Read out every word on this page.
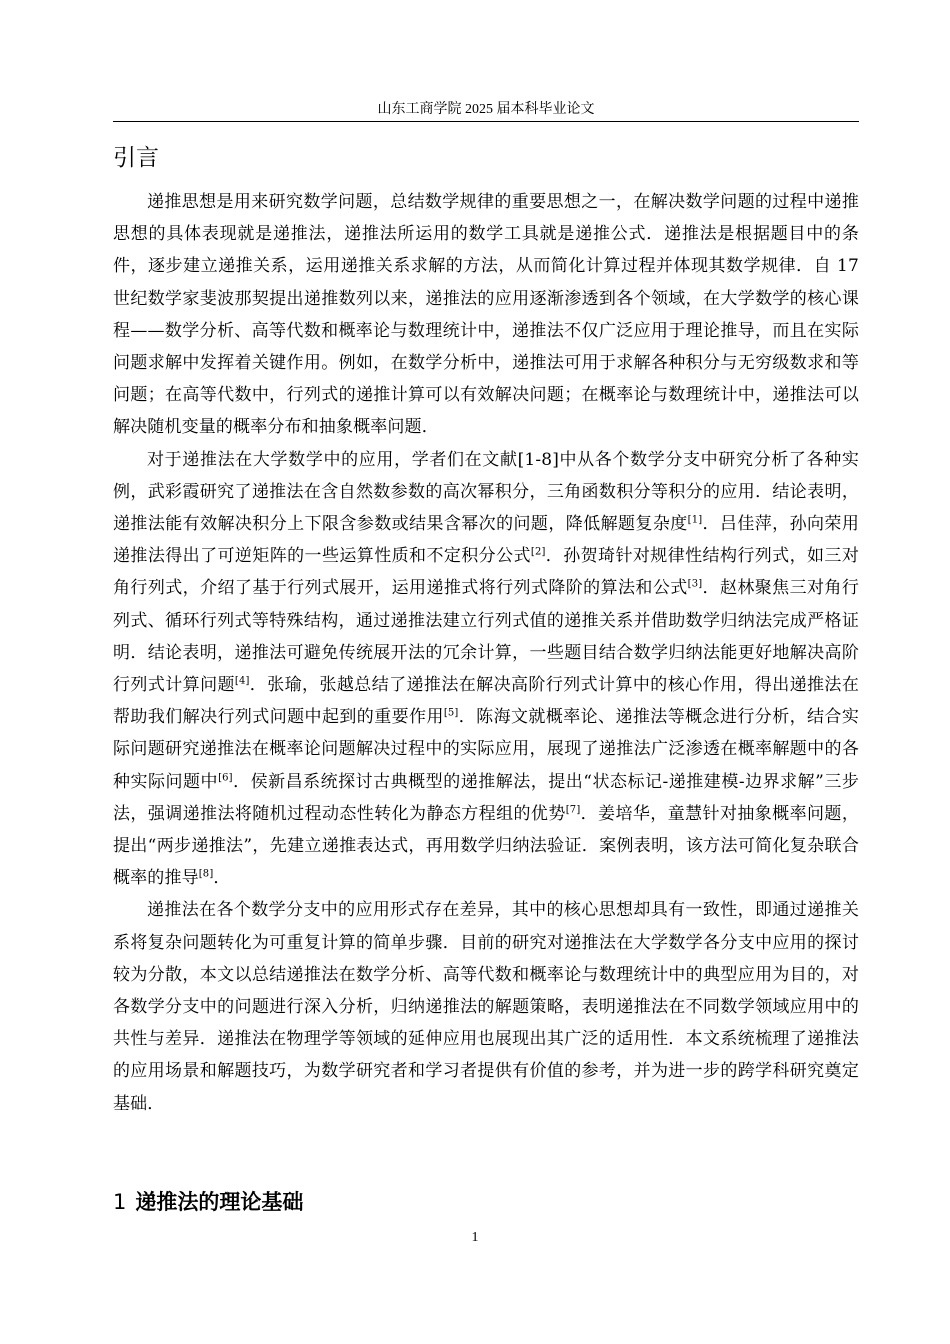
山东工商学院 2025 届本科毕业论文
引言

递推思想是用来研究数学问题，总结数学规律的重要思想之一，在解决数学问题的过程中递推思想的具体表现就是递推法，递推法所运用的数学工具就是递推公式．递推法是根据题目中的条件，逐步建立递推关系，运用递推关系求解的方法，从而简化计算过程并体现其数学规律．自 17 世纪数学家斐波那契提出递推数列以来，递推法的应用逐渐渗透到各个领域，在大学数学的核心课程——数学分析、高等代数和概率论与数理统计中，递推法不仅广泛应用于理论推导，而且在实际问题求解中发挥着关键作用。例如，在数学分析中，递推法可用于求解各种积分与无穷级数求和等问题；在高等代数中，行列式的递推计算可以有效解决问题；在概率论与数理统计中，递推法可以解决随机变量的概率分布和抽象概率问题．

对于递推法在大学数学中的应用，学者们在文献[1-8]中从各个数学分支中研究分析了各种实例，武彩霞研究了递推法在含自然数参数的高次幂积分，三角函数积分等积分的应用．结论表明，递推法能有效解决积分上下限含参数或结果含幂次的问题，降低解题复杂度[1]．吕佳萍，孙向荣用递推法得出了可逆矩阵的一些运算性质和不定积分公式[2]．孙贺琦针对规律性结构行列式，如三对角行列式，介绍了基于行列式展开，运用递推式将行列式降阶的算法和公式[3]．赵林聚焦三对角行列式、循环行列式等特殊结构，通过递推法建立行列式值的递推关系并借助数学归纳法完成严格证明．结论表明，递推法可避免传统展开法的冗余计算，一些题目结合数学归纳法能更好地解决高阶行列式计算问题[4]．张瑜，张越总结了递推法在解决高阶行列式计算中的核心作用，得出递推法在帮助我们解决行列式问题中起到的重要作用[5]．陈海文就概率论、递推法等概念进行分析，结合实际问题研究递推法在概率论问题解决过程中的实际应用，展现了递推法广泛渗透在概率解题中的各种实际问题中[6]．侯新昌系统探讨古典概型的递推解法，提出“状态标记-递推建模-边界求解”三步法，强调递推法将随机过程动态性转化为静态方程组的优势[7]．姜培华，童慧针对抽象概率问题，提出“两步递推法”，先建立递推表达式，再用数学归纳法验证．案例表明，该方法可简化复杂联合概率的推导[8]．

递推法在各个数学分支中的应用形式存在差异，其中的核心思想却具有一致性，即通过递推关系将复杂问题转化为可重复计算的简单步骤．目前的研究对递推法在大学数学各分支中应用的探讨较为分散，本文以总结递推法在数学分析、高等代数和概率论与数理统计中的典型应用为目的，对各数学分支中的问题进行深入分析，归纳递推法的解题策略，表明递推法在不同数学领域应用中的共性与差异．递推法在物理学等领域的延伸应用也展现出其广泛的适用性．本文系统梳理了递推法的应用场景和解题技巧，为数学研究者和学习者提供有价值的参考，并为进一步的跨学科研究奠定基础．

1 递推法的理论基础
1
